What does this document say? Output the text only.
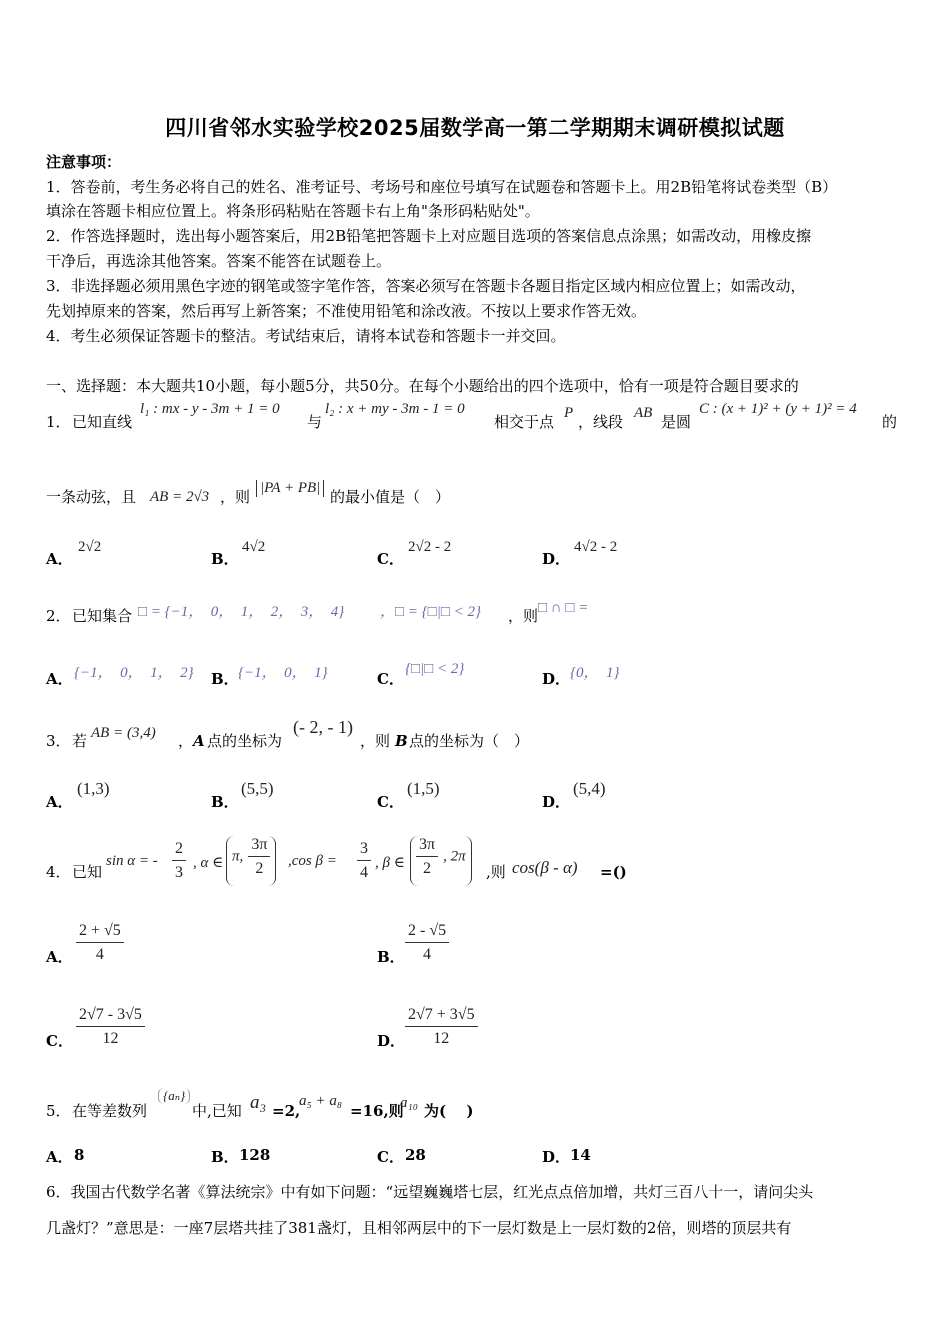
四川省邻水实验学校2025届数学高一第二学期期末调研模拟试题
注意事项：
1．答卷前，考生务必将自己的姓名、准考证号、考场号和座位号填写在试题卷和答题卡上。用2B铅笔将试卷类型（B）
填涂在答题卡相应位置上。将条形码粘贴在答题卡右上角"条形码粘贴处"。
2．作答选择题时，选出每小题答案后，用2B铅笔把答题卡上对应题目选项的答案信息点涂黑；如需改动，用橡皮擦
干净后，再选涂其他答案。答案不能答在试题卷上。
3．非选择题必须用黑色字迹的钢笔或签字笔作答，答案必须写在答题卡各题目指定区域内相应位置上；如需改动，
先划掉原来的答案，然后再写上新答案；不准使用铅笔和涂改液。不按以上要求作答无效。
4．考生必须保证答题卡的整洁。考试结束后，请将本试卷和答题卡一并交回。
一、选择题：本大题共10小题，每小题5分，共50分。在每个小题给出的四个选项中，恰有一项是符合题目要求的
1． 已知直线
l₁ : mx - y - 3m + 1 = 0
与
l₂ : x + my - 3m - 1 = 0
相交于点 P ，线段 AB 是圆
C : (x + 1)² + (y + 1)² = 4
的
一条动弦，且 AB = 2√3 ，则 |PA + PB| 的最小值是（　）
A．
2√2
B．
4√2
C．
2√2 - 2
D．
4√2 - 2
2． 已知集合 □ = {−1，　0，　1，　2，　3，　4} ，□ = {□|□ < 2} ，则 □ ∩ □ =
A． {−1，　0，　1，　2} B． {−1，　0，　1}	C．
{□|□ < 2}
D． {0，　1}
3． 若 AB = (3,4) ， A 点的坐标为
(- 2, - 1)
，则 B 点的坐标为（　）
A．
(1,3)
B．
(5,5)
C．
(1,5)
D．
(5,4)
4． 已知
sin α = - $\frac{2}{3}$ , α ∈ π, $\frac{3\pi}{2} ,\cos$ $\beta = \frac{3}{4}$ , β ∈ $\frac{3\pi}{2}$ , 2π
,则 cos(β - α) =()
A． $\frac{2 + √5}{4}$	B． $\frac{2 - √5}{4}$
C． $\frac{2√7 - 3√5}{12}$	D． $\frac{2√7 + 3√5}{12}$
5． 在等差数列
{aₙ}
中,已知 a₃ =2,
a₅ + a₈
=16,则
a₁₀ 为(　 )
A． 8	B． 128	C． 28	D． 14
6．我国古代数学名著《算法统宗》中有如下问题：“远望巍巍塔七层，红光点点倍加增，共灯三百八十一，请问尖头
几盏灯？”意思是：一座7层塔共挂了381盏灯，且相邻两层中的下一层灯数是上一层灯数的2倍，则塔的顶层共有
